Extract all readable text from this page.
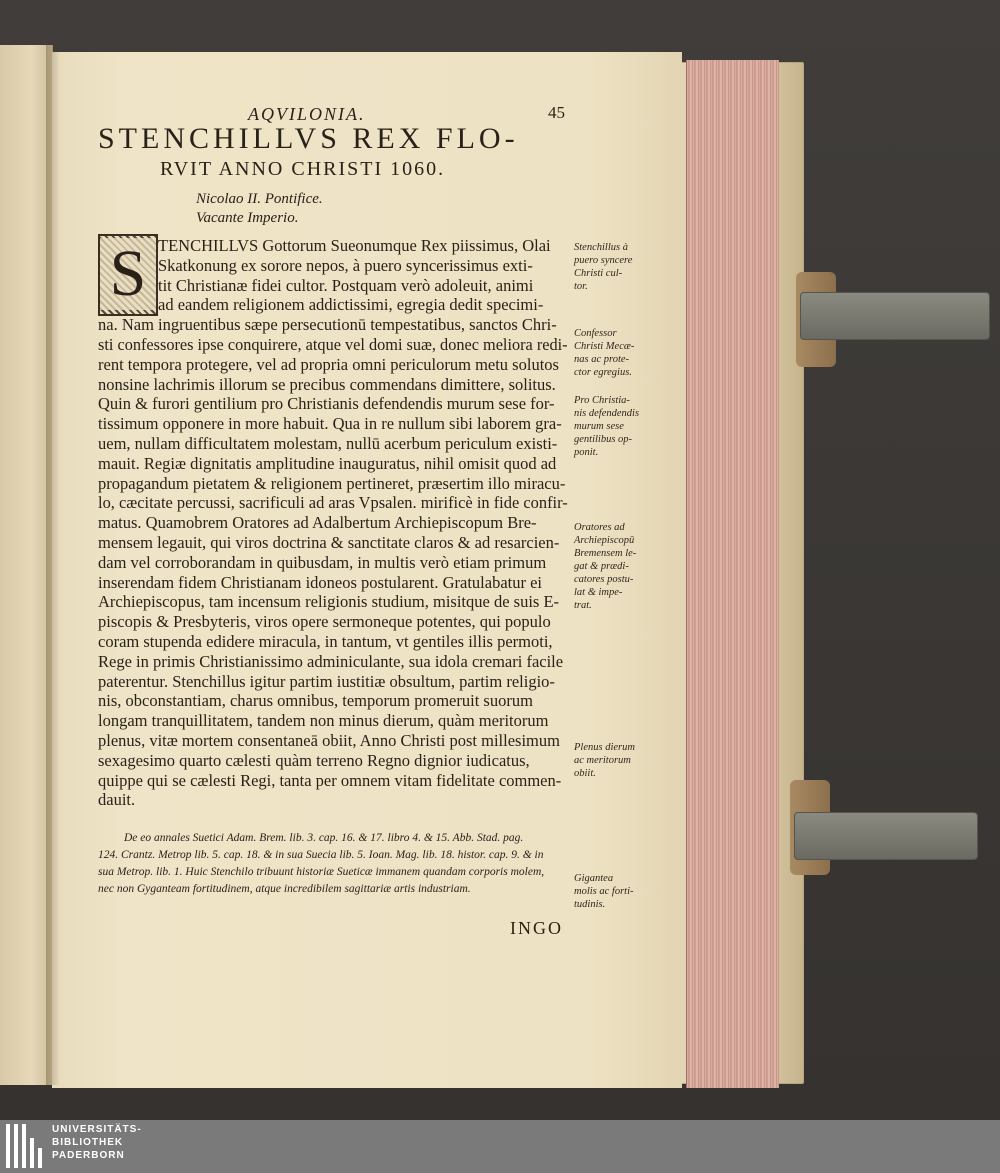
AQVILONIA.	45
STENCHILLVS REX FLO-
RVIT ANNO CHRISTI 1060.
Nicolao II. Pontifice.
Vacante Imperio.
S TENCHILLVS Gottorum Sueonumque Rex piissimus, Olai
Skatkonung ex sorore nepos, à puero syncerissimus exti-
tit Christianæ fidei cultor. Postquam verò adoleuit, animi
ad eandem religionem addictissimi, egregia dedit specimi-
na. Nam ingruentibus sæpe persecutionū tempestatibus, sanctos Chri-
sti confessores ipse conquirere, atque vel domi suæ, donec meliora redi-
rent tempora protegere, vel ad propria omni periculorum metu solutos
nonsine lachrimis illorum se precibus commendans dimittere, solitus.
Quin & furori gentilium pro Christianis defendendis murum sese for-
tissimum opponere in more habuit. Qua in re nullum sibi laborem gra-
uem, nullam difficultatem molestam, nullū acerbum periculum existi-
mauit. Regiæ dignitatis amplitudine inauguratus, nihil omisit quod ad
propagandum pietatem & religionem pertineret, præsertim illo miracu-
lo, cæcitate percussi, sacrificuli ad aras Vpsalen. mirificè in fide confir-
matus. Quamobrem Oratores ad Adalbertum Archiepiscopum Bre-
mensem legauit, qui viros doctrina & sanctitate claros & ad resarcien-
dam vel corroborandam in quibusdam, in multis verò etiam primum
inserendam fidem Christianam idoneos postularent. Gratulabatur ei
Archiepiscopus, tam incensum religionis studium, misitque de suis E-
piscopis & Presbyteris, viros opere sermoneque potentes, qui populo
coram stupenda edidere miracula, in tantum, vt gentiles illis permoti,
Rege in primis Christianissimo adminiculante, sua idola cremari facile
paterentur. Stenchillus igitur partim iustitiæ obsultum, partim religio-
nis, obconstantiam, charus omnibus, temporum promeruit suorum
longam tranquillitatem, tandem non minus dierum, quàm meritorum
plenus, vitæ mortem consentaneā obiit, Anno Christi post millesimum
sexagesimo quarto cælesti quàm terreno Regno dignior iudicatus,
quippe qui se cælesti Regi, tanta per omnem vitam fidelitate commen-
dauit.
Stenchillus à
puero syncere
Christi cul-
tor.
Confessor
Christi Mecæ-
nas ac prote-
ctor egregius.
Pro Christia-
nis defendendis
murum sese
gentilibus op-
ponit.
Oratores ad
Archiepiscopū
Bremensem le-
gat & prædi-
catores postu-
lat & impe-
trat.
Plenus dierum
ac meritorum
obiit.
Gigantea
molis ac forti-
tudinis.
De eo annales Suetici Adam. Brem. lib. 3. cap. 16. & 17. libro 4. & 15. Abb. Stad. pag.
124. Crantz. Metrop lib. 5. cap. 18. & in sua Suecia lib. 5. Ioan. Mag. lib. 18. histor. cap. 9. & in
sua Metrop. lib. 1. Huic Stenchilo tribuunt historiæ Sueticæ immanem quandam corporis molem,
nec non Gyganteam fortitudinem, atque incredibilem sagittariæ artis industriam.
INGO
UNIVERSITÄTS-
BIBLIOTHEK
PADERBORN
